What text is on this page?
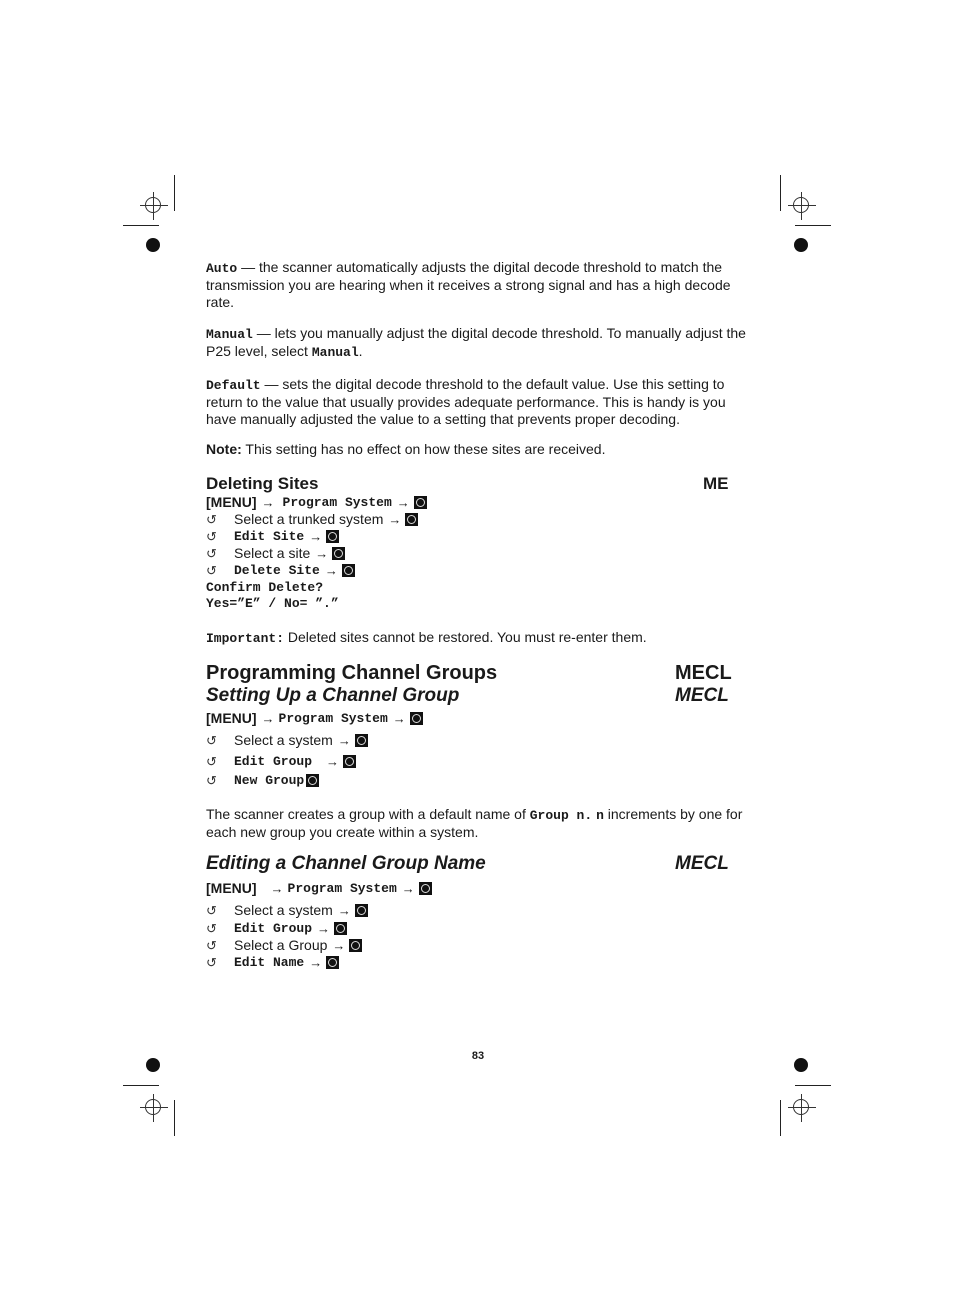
Auto — the scanner automatically adjusts the digital decode threshold to match the transmission you are hearing when it receives a strong signal and has a high decode rate.
Manual — lets you manually adjust the digital decode threshold. To manually adjust the P25 level, select Manual.
Default — sets the digital decode threshold to the default value. Use this setting to return to the value that usually provides adequate performance. This is handy is you have manually adjusted the value to a setting that prevents proper decoding.
Note: This setting has no effect on how these sites are received.
Deleting Sites	ME
[MENU] → Program System →
↺	Select a trunked system →
↺	Edit Site →
↺	Select a site →
↺	Delete Site →
Confirm Delete?
Yes=”E” / No= ”.”
Important: Deleted sites cannot be restored. You must re-enter them.
Programming Channel Groups	MECL
Setting Up a Channel Group	MECL
[MENU] → Program System →
↺	Select a system →
↺	Edit Group →
↺	New Group
The scanner creates a group with a default name of Group n. n increments by one for each new group you create within a system.
Editing a Channel Group Name	MECL
[MENU] → Program System →
↺	Select a system →
↺	Edit Group →
↺	Select a Group →
↺	Edit Name →
83
